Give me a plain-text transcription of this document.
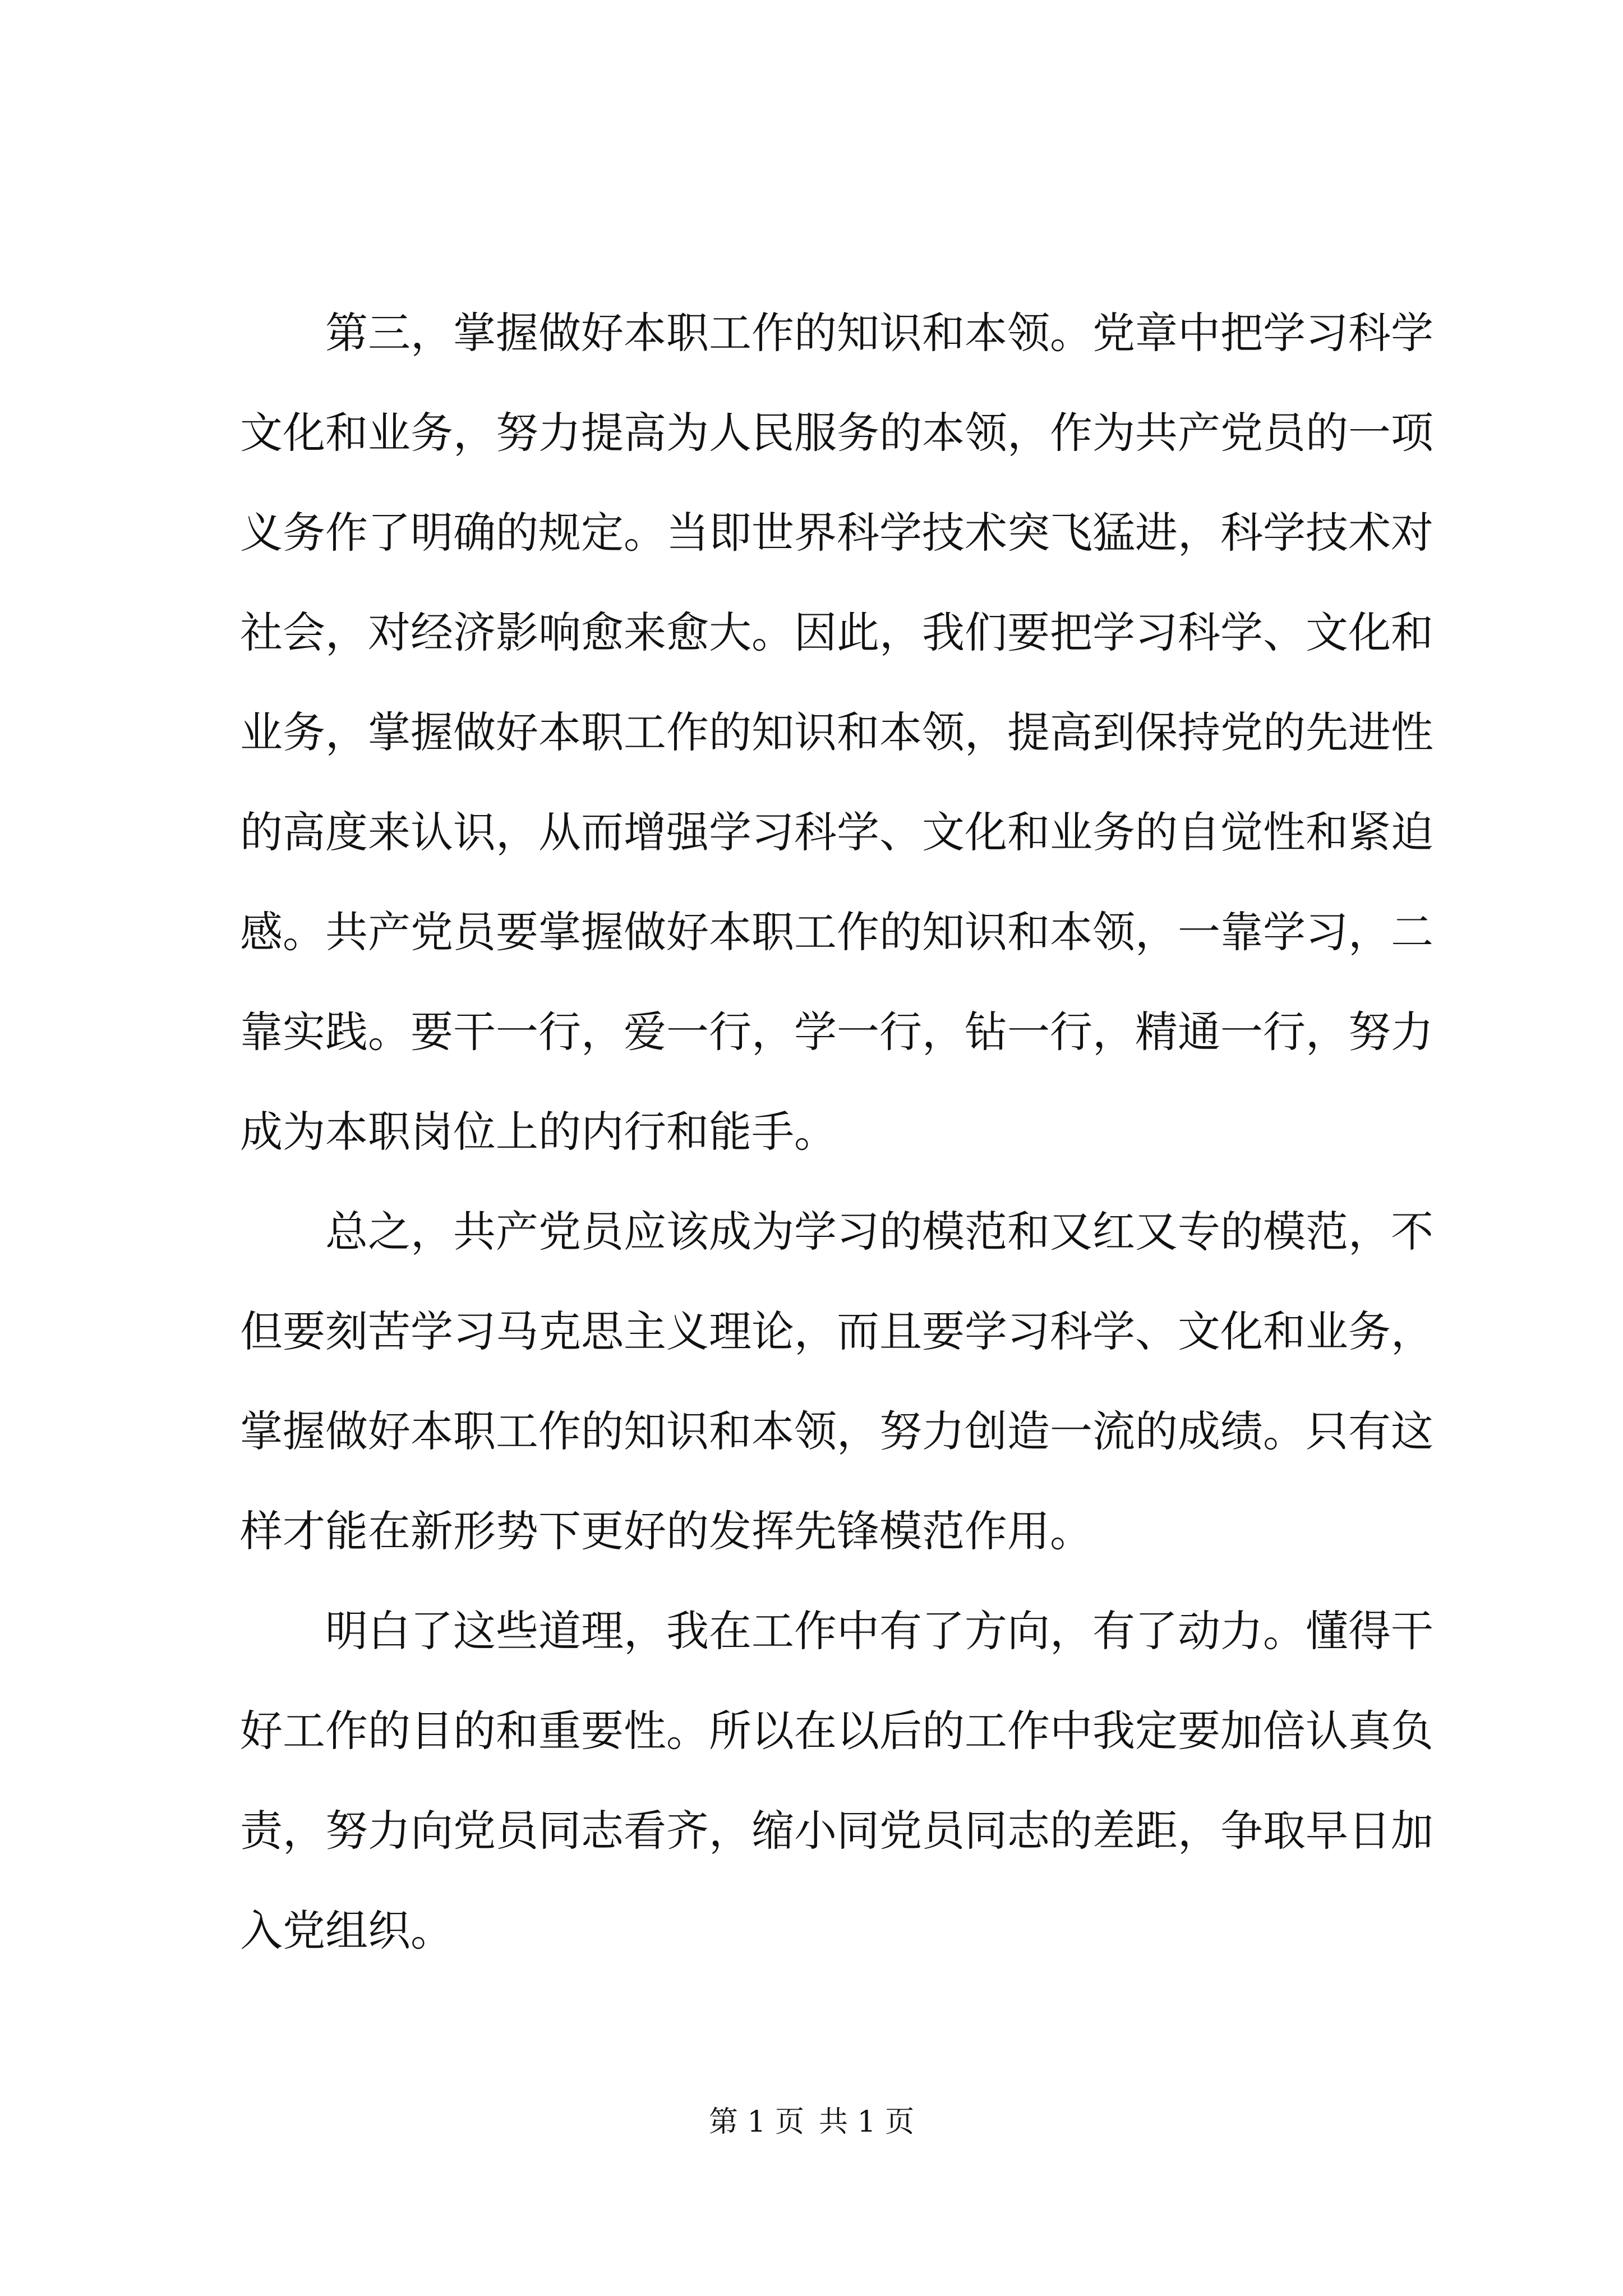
第三，掌握做好本职工作的知识和本领。党章中把学习科学
文化和业务，努力提高为人民服务的本领，作为共产党员的一项
义务作了明确的规定。当即世界科学技术突飞猛进，科学技术对
社会，对经济影响愈来愈大。因此，我们要把学习科学、文化和
业务，掌握做好本职工作的知识和本领，提高到保持党的先进性
的高度来认识，从而增强学习科学、文化和业务的自觉性和紧迫
感。共产党员要掌握做好本职工作的知识和本领，一靠学习，二
靠实践。要干一行，爱一行，学一行，钻一行，精通一行，努力
成为本职岗位上的内行和能手。
总之，共产党员应该成为学习的模范和又红又专的模范，不
但要刻苦学习马克思主义理论，而且要学习科学、文化和业务，
掌握做好本职工作的知识和本领，努力创造一流的成绩。只有这
样才能在新形势下更好的发挥先锋模范作用。
明白了这些道理，我在工作中有了方向，有了动力。懂得干
好工作的目的和重要性。所以在以后的工作中我定要加倍认真负
责，努力向党员同志看齐，缩小同党员同志的差距，争取早日加
入党组织。
第 1 页 共 1 页
